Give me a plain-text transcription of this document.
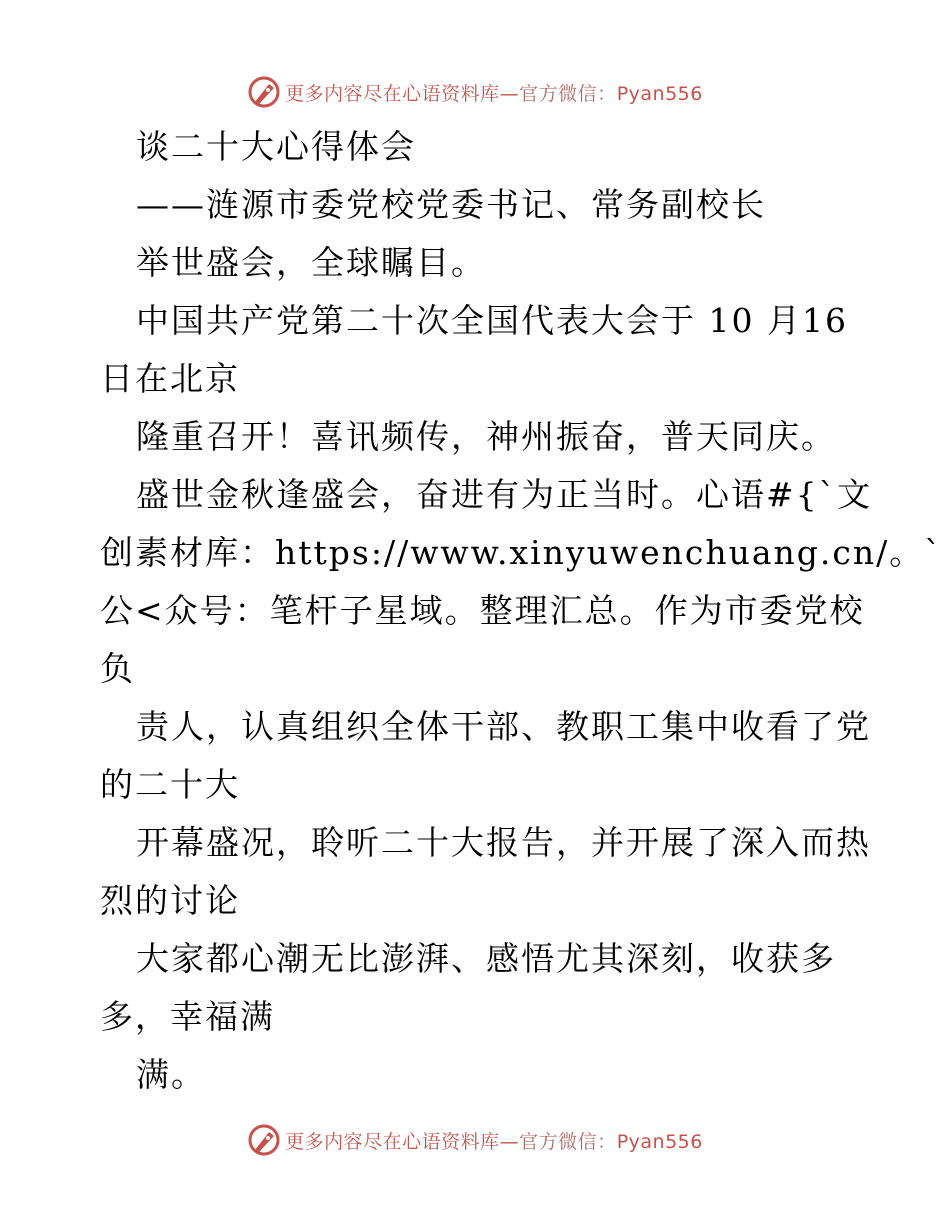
更多内容尽在心语资料库—官方微信：Pyan556
谈二十大心得体会
——涟源市委党校党委书记、常务副校长
举世盛会，全球瞩目。
中国共产党第二十次全国代表大会于 10 月16
日在北京
隆重召开！喜讯频传，神州振奋，普天同庆。
盛世金秋逢盛会，奋进有为正当时。心语#{`文
创素材库：https://www.xinyuwenchuang.cn/。`
公<众号：笔杆子星域。整理汇总。作为市委党校
负
责人，认真组织全体干部、教职工集中收看了党
的二十大
开幕盛况，聆听二十大报告，并开展了深入而热
烈的讨论
大家都心潮无比澎湃、感悟尤其深刻，收获多
多，幸福满
满。
更多内容尽在心语资料库—官方微信：Pyan556
